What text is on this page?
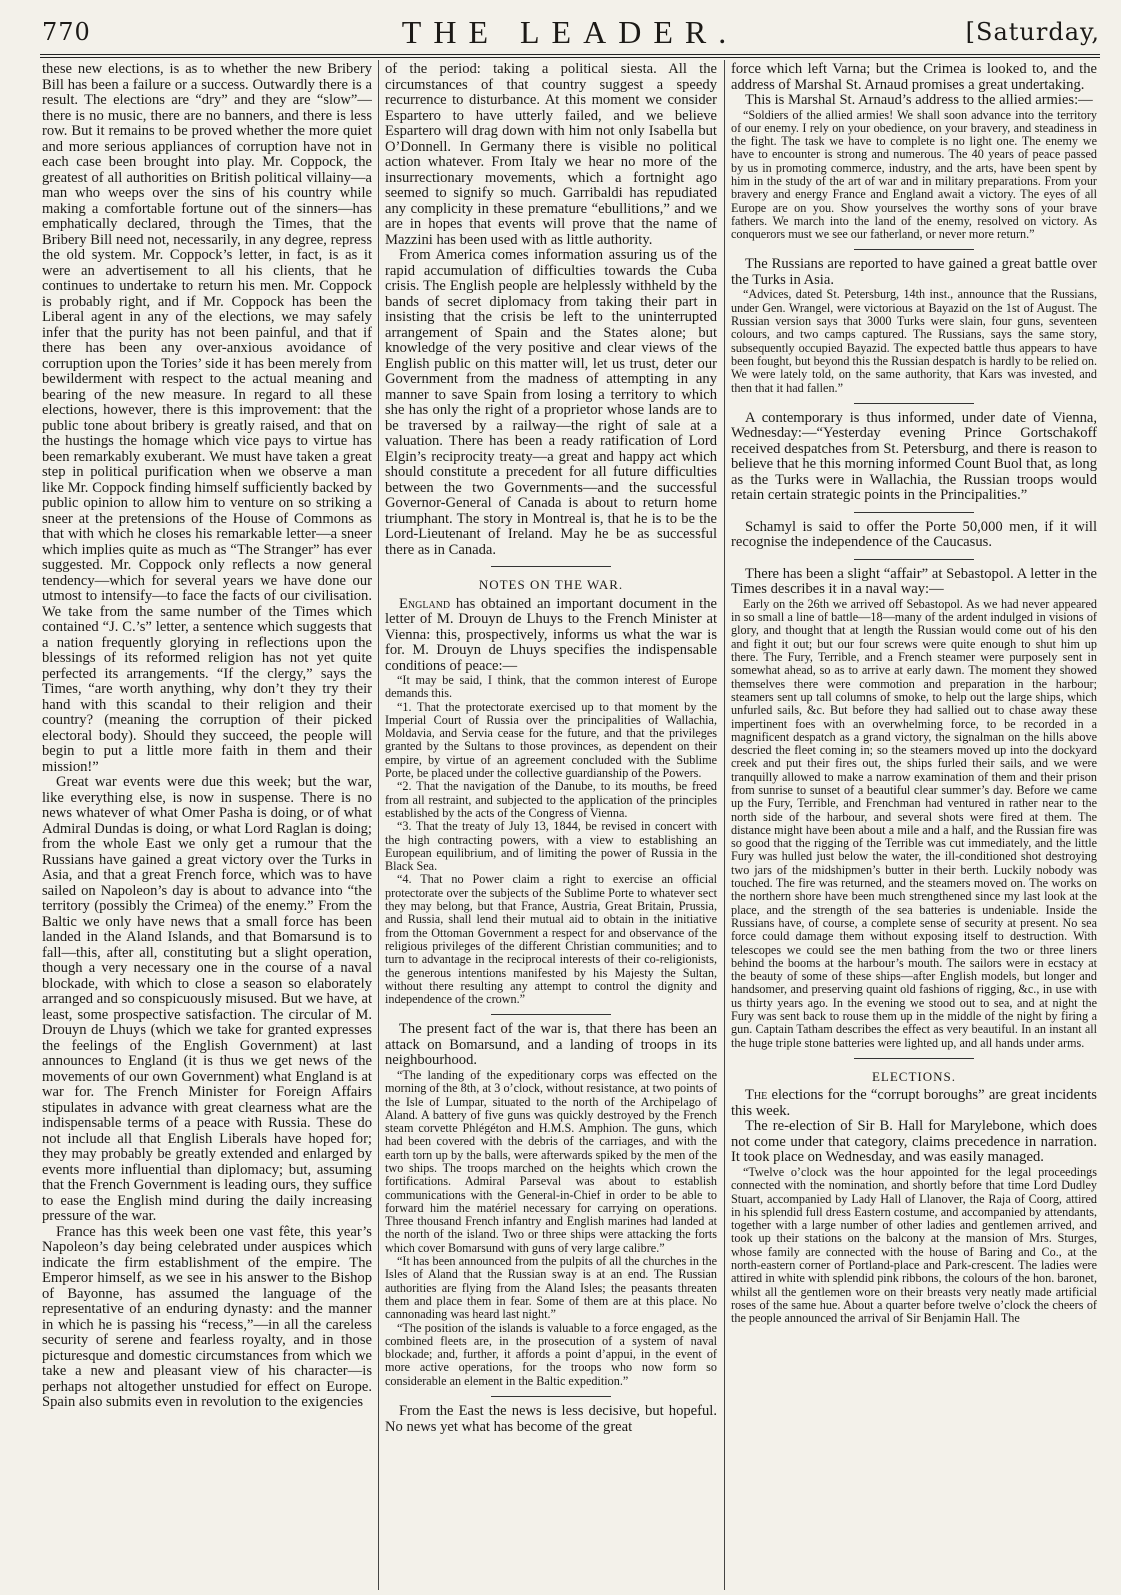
770	THE LEADER.	[Saturday,

these new elections, is as to whether the new Bribery Bill has been a failure or a success. Outwardly there is a result. The elections are “dry” and they are “slow”—there is no music, there are no banners, and there is less row. But it remains to be proved whether the more quiet and more serious appliances of corruption have not in each case been brought into play. Mr. Coppock, the greatest of all authorities on British political villainy—a man who weeps over the sins of his country while making a comfortable fortune out of the sinners—has emphatically declared, through the Times, that the Bribery Bill need not, necessarily, in any degree, repress the old system. Mr. Coppock’s letter, in fact, is as it were an advertisement to all his clients, that he continues to undertake to return his men. Mr. Coppock is probably right, and if Mr. Coppock has been the Liberal agent in any of the elections, we may safely infer that the purity has not been painful, and that if there has been any over-anxious avoidance of corruption upon the Tories’ side it has been merely from bewilderment with respect to the actual meaning and bearing of the new measure. In regard to all these elections, however, there is this improvement: that the public tone about bribery is greatly raised, and that on the hustings the homage which vice pays to virtue has been remarkably exuberant. We must have taken a great step in political purification when we observe a man like Mr. Coppock finding himself sufficiently backed by public opinion to allow him to venture on so striking a sneer at the pretensions of the House of Commons as that with which he closes his remarkable letter—a sneer which implies quite as much as “The Stranger” has ever suggested. Mr. Coppock only reflects a now general tendency—which for several years we have done our utmost to intensify—to face the facts of our civilisation. We take from the same number of the Times which contained “J. C.’s” letter, a sentence which suggests that a nation frequently glorying in reflections upon the blessings of its reformed religion has not yet quite perfected its arrangements. “If the clergy,” says the Times, “are worth anything, why don’t they try their hand with this scandal to their religion and their country? (meaning the corruption of their picked electoral body). Should they succeed, the people will begin to put a little more faith in them and their mission!”

Great war events were due this week; but the war, like everything else, is now in suspense. There is no news whatever of what Omer Pasha is doing, or of what Admiral Dundas is doing, or what Lord Raglan is doing; from the whole East we only get a rumour that the Russians have gained a great victory over the Turks in Asia, and that a great French force, which was to have sailed on Napoleon’s day is about to advance into “the territory (possibly the Crimea) of the enemy.” From the Baltic we only have news that a small force has been landed in the Aland Islands, and that Bomarsund is to fall—this, after all, constituting but a slight operation, though a very necessary one in the course of a naval blockade, with which to close a season so elaborately arranged and so conspicuously misused. But we have, at least, some prospective satisfaction. The circular of M. Drouyn de Lhuys (which we take for granted expresses the feelings of the English Government) at last announces to England (it is thus we get news of the movements of our own Government) what England is at war for. The French Minister for Foreign Affairs stipulates in advance with great clearness what are the indispensable terms of a peace with Russia. These do not include all that English Liberals have hoped for; they may probably be greatly extended and enlarged by events more influential than diplomacy; but, assuming that the French Government is leading ours, they suffice to ease the English mind during the daily increasing pressure of the war.

France has this week been one vast fête, this year’s Napoleon’s day being celebrated under auspices which indicate the firm establishment of the empire. The Emperor himself, as we see in his answer to the Bishop of Bayonne, has assumed the language of the representative of an enduring dynasty: and the manner in which he is passing his “recess,”—in all the careless security of serene and fearless royalty, and in those picturesque and domestic circumstances from which we take a new and pleasant view of his character—is perhaps not altogether unstudied for effect on Europe. Spain also submits even in revolution to the exigencies

of the period: taking a political siesta. All the circumstances of that country suggest a speedy recurrence to disturbance. At this moment we consider Espartero to have utterly failed, and we believe Espartero will drag down with him not only Isabella but O’Donnell. In Germany there is visible no political action whatever. From Italy we hear no more of the insurrectionary movements, which a fortnight ago seemed to signify so much. Garribaldi has repudiated any complicity in these premature “ebullitions,” and we are in hopes that events will prove that the name of Mazzini has been used with as little authority.

From America comes information assuring us of the rapid accumulation of difficulties towards the Cuba crisis. The English people are helplessly withheld by the bands of secret diplomacy from taking their part in insisting that the crisis be left to the uninterrupted arrangement of Spain and the States alone; but knowledge of the very positive and clear views of the English public on this matter will, let us trust, deter our Government from the madness of attempting in any manner to save Spain from losing a territory to which she has only the right of a proprietor whose lands are to be traversed by a railway—the right of sale at a valuation. There has been a ready ratification of Lord Elgin’s reciprocity treaty—a great and happy act which should constitute a precedent for all future difficulties between the two Governments—and the successful Governor-General of Canada is about to return home triumphant. The story in Montreal is, that he is to be the Lord-Lieutenant of Ireland. May he be as successful there as in Canada.

NOTES ON THE WAR.

England has obtained an important document in the letter of M. Drouyn de Lhuys to the French Minister at Vienna: this, prospectively, informs us what the war is for. M. Drouyn de Lhuys specifies the indispensable conditions of peace:—

“It may be said, I think, that the common interest of Europe demands this.

“1. That the protectorate exercised up to that moment by the Imperial Court of Russia over the principalities of Wallachia, Moldavia, and Servia cease for the future, and that the privileges granted by the Sultans to those provinces, as dependent on their empire, by virtue of an agreement concluded with the Sublime Porte, be placed under the collective guardianship of the Powers.

“2. That the navigation of the Danube, to its mouths, be freed from all restraint, and subjected to the application of the principles established by the acts of the Congress of Vienna.

“3. That the treaty of July 13, 1844, be revised in concert with the high contracting powers, with a view to establishing an European equilibrium, and of limiting the power of Russia in the Black Sea.

“4. That no Power claim a right to exercise an official protectorate over the subjects of the Sublime Porte to whatever sect they may belong, but that France, Austria, Great Britain, Prussia, and Russia, shall lend their mutual aid to obtain in the initiative from the Ottoman Government a respect for and observance of the religious privileges of the different Christian communities; and to turn to advantage in the reciprocal interests of their co-religionists, the generous intentions manifested by his Majesty the Sultan, without there resulting any attempt to control the dignity and independence of the crown.”

The present fact of the war is, that there has been an attack on Bomarsund, and a landing of troops in its neighbourhood.

“The landing of the expeditionary corps was effected on the morning of the 8th, at 3 o’clock, without resistance, at two points of the Isle of Lumpar, situated to the north of the Archipelago of Aland. A battery of five guns was quickly destroyed by the French steam corvette Phlégéton and H.M.S. Amphion. The guns, which had been covered with the debris of the carriages, and with the earth torn up by the balls, were afterwards spiked by the men of the two ships. The troops marched on the heights which crown the fortifications. Admiral Parseval was about to establish communications with the General-in-Chief in order to be able to forward him the matériel necessary for carrying on operations. Three thousand French infantry and English marines had landed at the north of the island. Two or three ships were attacking the forts which cover Bomarsund with guns of very large calibre.”

“It has been announced from the pulpits of all the churches in the Isles of Aland that the Russian sway is at an end. The Russian authorities are flying from the Aland Isles; the peasants threaten them and place them in fear. Some of them are at this place. No cannonading was heard last night.”

“The position of the islands is valuable to a force engaged, as the combined fleets are, in the prosecution of a system of naval blockade; and, further, it affords a point d’appui, in the event of more active operations, for the troops who now form so considerable an element in the Baltic expedition.”

From the East the news is less decisive, but hopeful. No news yet what has become of the great

force which left Varna; but the Crimea is looked to, and the address of Marshal St. Arnaud promises a great undertaking.

This is Marshal St. Arnaud’s address to the allied armies:—

“Soldiers of the allied armies! We shall soon advance into the territory of our enemy. I rely on your obedience, on your bravery, and steadiness in the fight. The task we have to complete is no light one. The enemy we have to encounter is strong and numerous. The 40 years of peace passed by us in promoting commerce, industry, and the arts, have been spent by him in the study of the art of war and in military preparations. From your bravery and energy France and England await a victory. The eyes of all Europe are on you. Show yourselves the worthy sons of your brave fathers. We march into the land of the enemy, resolved on victory. As conquerors must we see our fatherland, or never more return.”

The Russians are reported to have gained a great battle over the Turks in Asia.

“Advices, dated St. Petersburg, 14th inst., announce that the Russians, under Gen. Wrangel, were victorious at Bayazid on the 1st of August. The Russian version says that 3000 Turks were slain, four guns, seventeen colours, and two camps captured. The Russians, says the same story, subsequently occupied Bayazid. The expected battle thus appears to have been fought, but beyond this the Russian despatch is hardly to be relied on. We were lately told, on the same authority, that Kars was invested, and then that it had fallen.”

A contemporary is thus informed, under date of Vienna, Wednesday:—“Yesterday evening Prince Gortschakoff received despatches from St. Petersburg, and there is reason to believe that he this morning informed Count Buol that, as long as the Turks were in Wallachia, the Russian troops would retain certain strategic points in the Principalities.”

Schamyl is said to offer the Porte 50,000 men, if it will recognise the independence of the Caucasus.

There has been a slight “affair” at Sebastopol. A letter in the Times describes it in a naval way:—

Early on the 26th we arrived off Sebastopol. As we had never appeared in so small a line of battle—18—many of the ardent indulged in visions of glory, and thought that at length the Russian would come out of his den and fight it out; but our four screws were quite enough to shut him up there. The Fury, Terrible, and a French steamer were purposely sent in somewhat ahead, so as to arrive at early dawn. The moment they showed themselves there were commotion and preparation in the harbour; steamers sent up tall columns of smoke, to help out the large ships, which unfurled sails, &c. But before they had sallied out to chase away these impertinent foes with an overwhelming force, to be recorded in a magnificent despatch as a grand victory, the signalman on the hills above descried the fleet coming in; so the steamers moved up into the dockyard creek and put their fires out, the ships furled their sails, and we were tranquilly allowed to make a narrow examination of them and their prison from sunrise to sunset of a beautiful clear summer’s day. Before we came up the Fury, Terrible, and Frenchman had ventured in rather near to the north side of the harbour, and several shots were fired at them. The distance might have been about a mile and a half, and the Russian fire was so good that the rigging of the Terrible was cut immediately, and the little Fury was hulled just below the water, the ill-conditioned shot destroying two jars of the midshipmen’s butter in their berth. Luckily nobody was touched. The fire was returned, and the steamers moved on. The works on the northern shore have been much strengthened since my last look at the place, and the strength of the sea batteries is undeniable. Inside the Russians have, of course, a complete sense of security at present. No sea force could damage them without exposing itself to destruction. With telescopes we could see the men bathing from the two or three liners behind the booms at the harbour’s mouth. The sailors were in ecstacy at the beauty of some of these ships—after English models, but longer and handsomer, and preserving quaint old fashions of rigging, &c., in use with us thirty years ago. In the evening we stood out to sea, and at night the Fury was sent back to rouse them up in the middle of the night by firing a gun. Captain Tatham describes the effect as very beautiful. In an instant all the huge triple stone batteries were lighted up, and all hands under arms.

ELECTIONS.

The elections for the “corrupt boroughs” are great incidents this week.

The re-election of Sir B. Hall for Marylebone, which does not come under that category, claims precedence in narration. It took place on Wednesday, and was easily managed.

“Twelve o’clock was the hour appointed for the legal proceedings connected with the nomination, and shortly before that time Lord Dudley Stuart, accompanied by Lady Hall of Llanover, the Raja of Coorg, attired in his splendid full dress Eastern costume, and accompanied by attendants, together with a large number of other ladies and gentlemen arrived, and took up their stations on the balcony at the mansion of Mrs. Sturges, whose family are connected with the house of Baring and Co., at the north-eastern corner of Portland-place and Park-crescent. The ladies were attired in white with splendid pink ribbons, the colours of the hon. baronet, whilst all the gentlemen wore on their breasts very neatly made artificial roses of the same hue. About a quarter before twelve o’clock the cheers of the people announced the arrival of Sir Benjamin Hall. The
